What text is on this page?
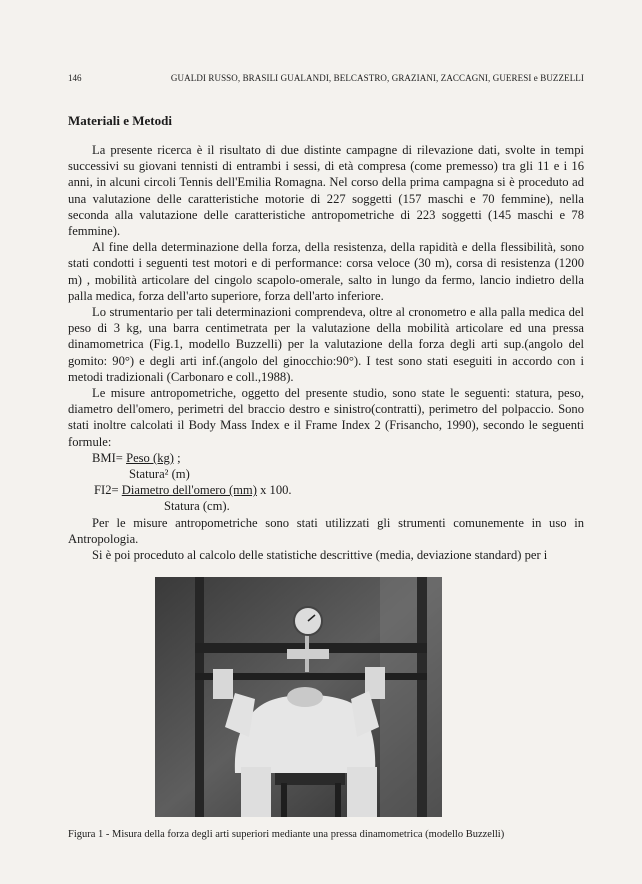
146	GUALDI RUSSO, BRASILI GUALANDI, BELCASTRO, GRAZIANI, ZACCAGNI, GUERESI e BUZZELLI
Materiali e Metodi

La presente ricerca è il risultato di due distinte campagne di rilevazione dati, svolte in tempi successivi su giovani tennisti di entrambi i sessi, di età compresa (come premesso) tra gli 11 e i 16 anni, in alcuni circoli Tennis dell'Emilia Romagna. Nel corso della prima campagna si è proceduto ad una valutazione delle caratteristiche motorie di 227 soggetti (157 maschi e 70 femmine), nella seconda alla valutazione delle caratteristiche antropometriche di 223 soggetti (145 maschi e 78 femmine).

Al fine della determinazione della forza, della resistenza, della rapidità e della flessibilità, sono stati condotti i seguenti test motori e di performance: corsa veloce (30 m), corsa di resistenza (1200 m) , mobilità articolare del cingolo scapolo-omerale, salto in lungo da fermo, lancio indietro della palla medica, forza dell'arto superiore, forza dell'arto inferiore.

Lo strumentario per tali determinazioni comprendeva, oltre al cronometro e alla palla medica del peso di 3 kg, una barra centimetrata per la valutazione della mobilità articolare ed una pressa dinamometrica (Fig.1, modello Buzzelli) per la valutazione della forza degli arti sup.(angolo del gomito: 90°) e degli arti inf.(angolo del ginocchio:90°). I test sono stati eseguiti in accordo con i metodi tradizionali (Carbonaro e coll.,1988).

Le misure antropometriche, oggetto del presente studio, sono state le seguenti: statura, peso, diametro dell'omero, perimetri del braccio destro e sinistro(contratti), perimetro del polpaccio. Sono stati inoltre calcolati il Body Mass Index e il Frame Index 2 (Frisancho, 1990), secondo le seguenti formule:

BMI= Peso (kg) ;
Statura² (m)
FI2= Diametro dell'omero (mm) x 100.
Statura (cm).

Per le misure antropometriche sono stati utilizzati gli strumenti comunemente in uso in Antropologia.

Si è poi proceduto al calcolo delle statistiche descrittive (media, deviazione standard) per i

Figura 1 - Misura della forza degli arti superiori mediante una pressa dinamometrica (modello Buzzelli)
